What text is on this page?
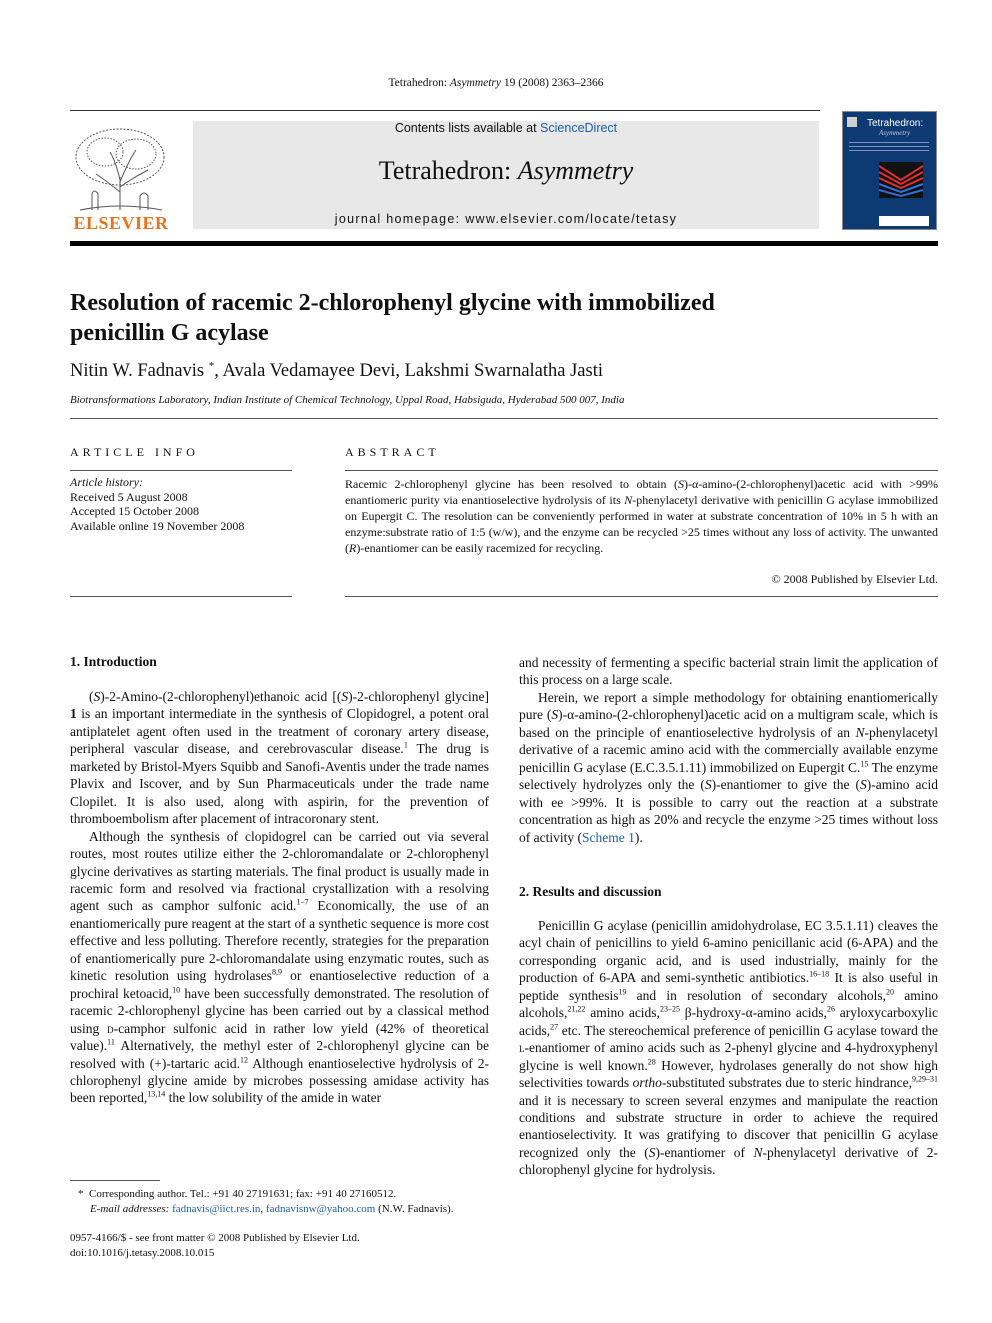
Tetrahedron: Asymmetry 19 (2008) 2363–2366
ELSEVIER
Contents lists available at ScienceDirect
Tetrahedron: Asymmetry
journal homepage: www.elsevier.com/locate/tetasy
Tetrahedron:
Asymmetry
Resolution of racemic 2-chlorophenyl glycine with immobilized
penicillin G acylase
Nitin W. Fadnavis *, Avala Vedamayee Devi, Lakshmi Swarnalatha Jasti
Biotransformations Laboratory, Indian Institute of Chemical Technology, Uppal Road, Habsiguda, Hyderabad 500 007, India
ARTICLE INFO
Article history:
Received 5 August 2008
Accepted 15 October 2008
Available online 19 November 2008
ABSTRACT
Racemic 2-chlorophenyl glycine has been resolved to obtain (S)-α-amino-(2-chlorophenyl)acetic acid with >99% enantiomeric purity via enantioselective hydrolysis of its N-phenylacetyl derivative with penicillin G acylase immobilized on Eupergit C. The resolution can be conveniently performed in water at substrate concentration of 10% in 5 h with an enzyme:substrate ratio of 1:5 (w/w), and the enzyme can be recycled >25 times without any loss of activity. The unwanted (R)-enantiomer can be easily racemized for recycling.
© 2008 Published by Elsevier Ltd.
1. Introduction

(S)-2-Amino-(2-chlorophenyl)ethanoic acid [(S)-2-chlorophenyl glycine] 1 is an important intermediate in the synthesis of Clopidogrel, a potent oral antiplatelet agent often used in the treatment of coronary artery disease, peripheral vascular disease, and cerebrovascular disease.$^1$ The drug is marketed by Bristol-Myers Squibb and Sanofi-Aventis under the trade names Plavix and Iscover, and by Sun Pharmaceuticals under the trade name Clopilet. It is also used, along with aspirin, for the prevention of thromboembolism after placement of intracoronary stent.

Although the synthesis of clopidogrel can be carried out via several routes, most routes utilize either the 2-chloromandalate or 2-chlorophenyl glycine derivatives as starting materials. The final product is usually made in racemic form and resolved via fractional crystallization with a resolving agent such as camphor sulfonic acid.$^{1-7}$ Economically, the use of an enantiomerically pure reagent at the start of a synthetic sequence is more cost effective and less polluting. Therefore recently, strategies for the preparation of enantiomerically pure 2-chloromandalate using enzymatic routes, such as kinetic resolution using hydrolases$^{8,9}$ or enantioselective reduction of a prochiral ketoacid,$^{10}$ have been successfully demonstrated. The resolution of racemic 2-chlorophenyl glycine has been carried out by a classical method using d-camphor sulfonic acid in rather low yield (42% of theoretical value).$^{11}$ Alternatively, the methyl ester of 2-chlorophenyl glycine can be resolved with (+)-tartaric acid.$^{12}$ Although enantioselective hydrolysis of 2-chlorophenyl glycine amide by microbes possessing amidase activity has been reported,$^{13,14}$ the low solubility of the amide in water

*  Corresponding author. Tel.: +91 40 27191631; fax: +91 40 27160512.
E-mail addresses: fadnavis@iict.res.in, fadnavisnw@yahoo.com (N.W. Fadnavis).
0957-4166/$ - see front matter © 2008 Published by Elsevier Ltd.
doi:10.1016/j.tetasy.2008.10.015

and necessity of fermenting a specific bacterial strain limit the application of this process on a large scale.

Herein, we report a simple methodology for obtaining enantiomerically pure (S)-α-amino-(2-chlorophenyl)acetic acid on a multigram scale, which is based on the principle of enantioselective hydrolysis of an N-phenylacetyl derivative of a racemic amino acid with the commercially available enzyme penicillin G acylase (E.C.3.5.1.11) immobilized on Eupergit C.$^{15}$ The enzyme selectively hydrolyzes only the (S)-enantiomer to give the (S)-amino acid with ee >99%. It is possible to carry out the reaction at a substrate concentration as high as 20% and recycle the enzyme >25 times without loss of activity (Scheme 1).

2. Results and discussion

Penicillin G acylase (penicillin amidohydrolase, EC 3.5.1.11) cleaves the acyl chain of penicillins to yield 6-amino penicillanic acid (6-APA) and the corresponding organic acid, and is used industrially, mainly for the production of 6-APA and semi-synthetic antibiotics.$^{16-18}$ It is also useful in peptide synthesis$^{19}$ and in resolution of secondary alcohols,$^{20}$ amino alcohols,$^{21,22}$ amino acids,$^{23-25}$ β-hydroxy-α-amino acids,$^{26}$ aryloxycarboxylic acids,$^{27}$ etc. The stereochemical preference of penicillin G acylase toward the l-enantiomer of amino acids such as 2-phenyl glycine and 4-hydroxyphenyl glycine is well known.$^{28}$ However, hydrolases generally do not show high selectivities towards ortho-substituted substrates due to steric hindrance,$^{9,29-31}$ and it is necessary to screen several enzymes and manipulate the reaction conditions and substrate structure in order to achieve the required enantioselectivity. It was gratifying to discover that penicillin G acylase recognized only the (S)-enantiomer of N-phenylacetyl derivative of 2-chlorophenyl glycine for hydrolysis.
